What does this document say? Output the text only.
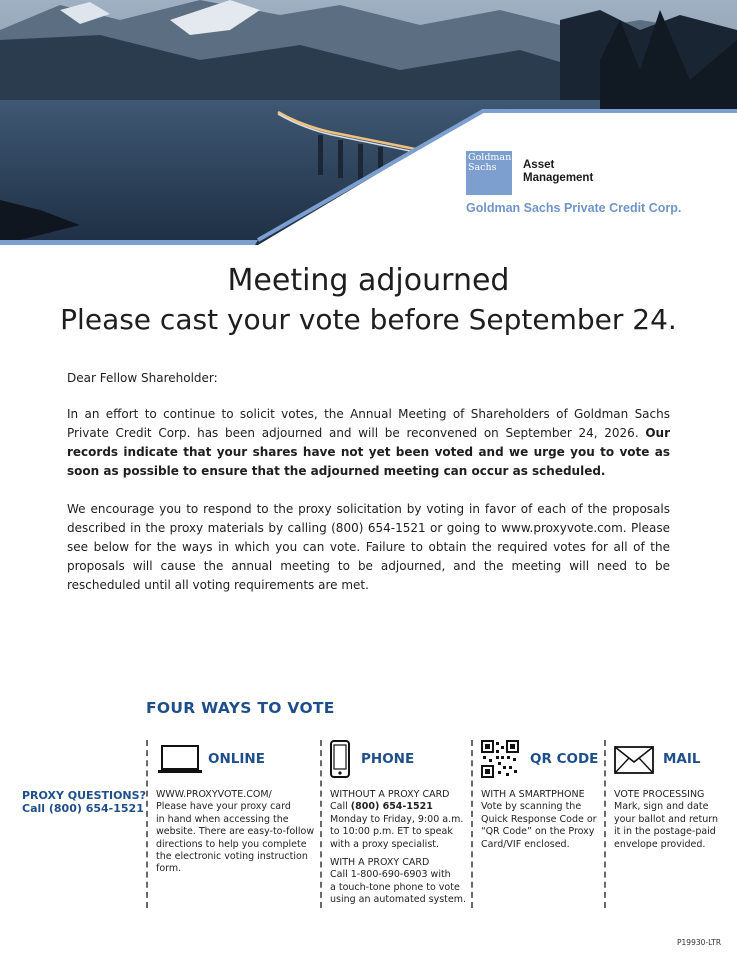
Goldman
Sachs	Asset
Management
Goldman Sachs Private Credit Corp.
Meeting adjourned
Please cast your vote before September 24.
Dear Fellow Shareholder:
In an effort to continue to solicit votes, the Annual Meeting of Shareholders of Goldman Sachs Private Credit Corp. has been adjourned and will be reconvened on September 24, 2026. Our records indicate that your shares have not yet been voted and we urge you to vote as soon as possible to ensure that the adjourned meeting can occur as scheduled.
We encourage you to respond to the proxy solicitation by voting in favor of each of the proposals described in the proxy materials by calling (800) 654-1521 or going to www.proxyvote.com. Please see below for the ways in which you can vote. Failure to obtain the required votes for all of the proposals will cause the annual meeting to be adjourned, and the meeting will need to be rescheduled until all voting requirements are met.
FOUR WAYS TO VOTE
PROXY QUESTIONS?
Call (800) 654-1521
ONLINE
WWW.PROXYVOTE.COM/
Please have your proxy card
in hand when accessing the
website. There are easy-to-follow
directions to help you complete
the electronic voting instruction
form.
PHONE
WITHOUT A PROXY CARD
Call (800) 654-1521
Monday to Friday, 9:00 a.m.
to 10:00 p.m. ET to speak
with a proxy specialist.
WITH A PROXY CARD
Call 1-800-690-6903 with
a touch-tone phone to vote
using an automated system.
QR CODE
WITH A SMARTPHONE
Vote by scanning the
Quick Response Code or
“QR Code” on the Proxy
Card/VIF enclosed.
MAIL
VOTE PROCESSING
Mark, sign and date
your ballot and return
it in the postage-paid
envelope provided.
P19930-LTR
